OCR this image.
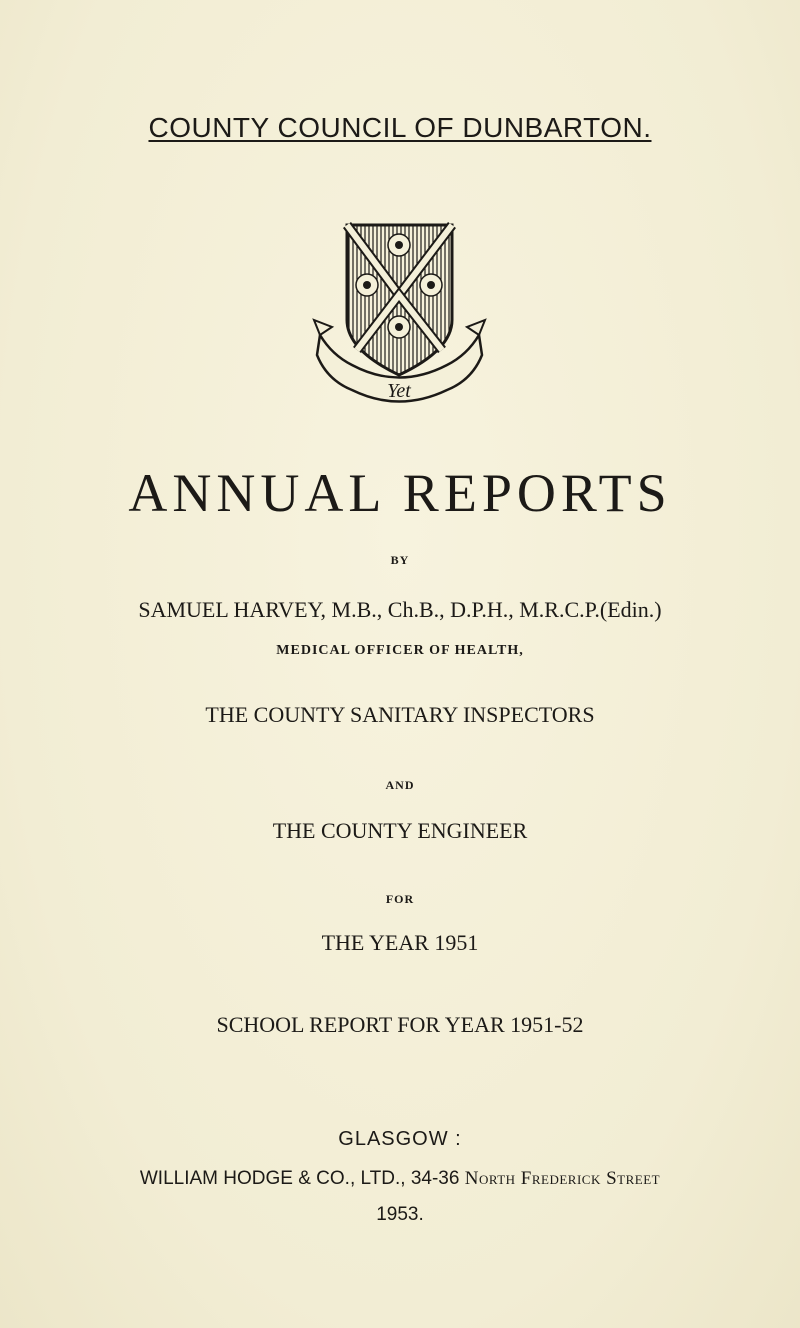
COUNTY COUNCIL OF DUNBARTON.
Yet
ANNUAL REPORTS
BY
SAMUEL HARVEY, M.B., Ch.B., D.P.H., M.R.C.P.(Edin.)
MEDICAL OFFICER OF HEALTH,
THE COUNTY SANITARY INSPECTORS
AND
THE COUNTY ENGINEER
FOR
THE YEAR 1951
SCHOOL REPORT FOR YEAR 1951-52
GLASGOW :
WILLIAM HODGE & CO., LTD., 34-36 North Frederick Street
1953.
